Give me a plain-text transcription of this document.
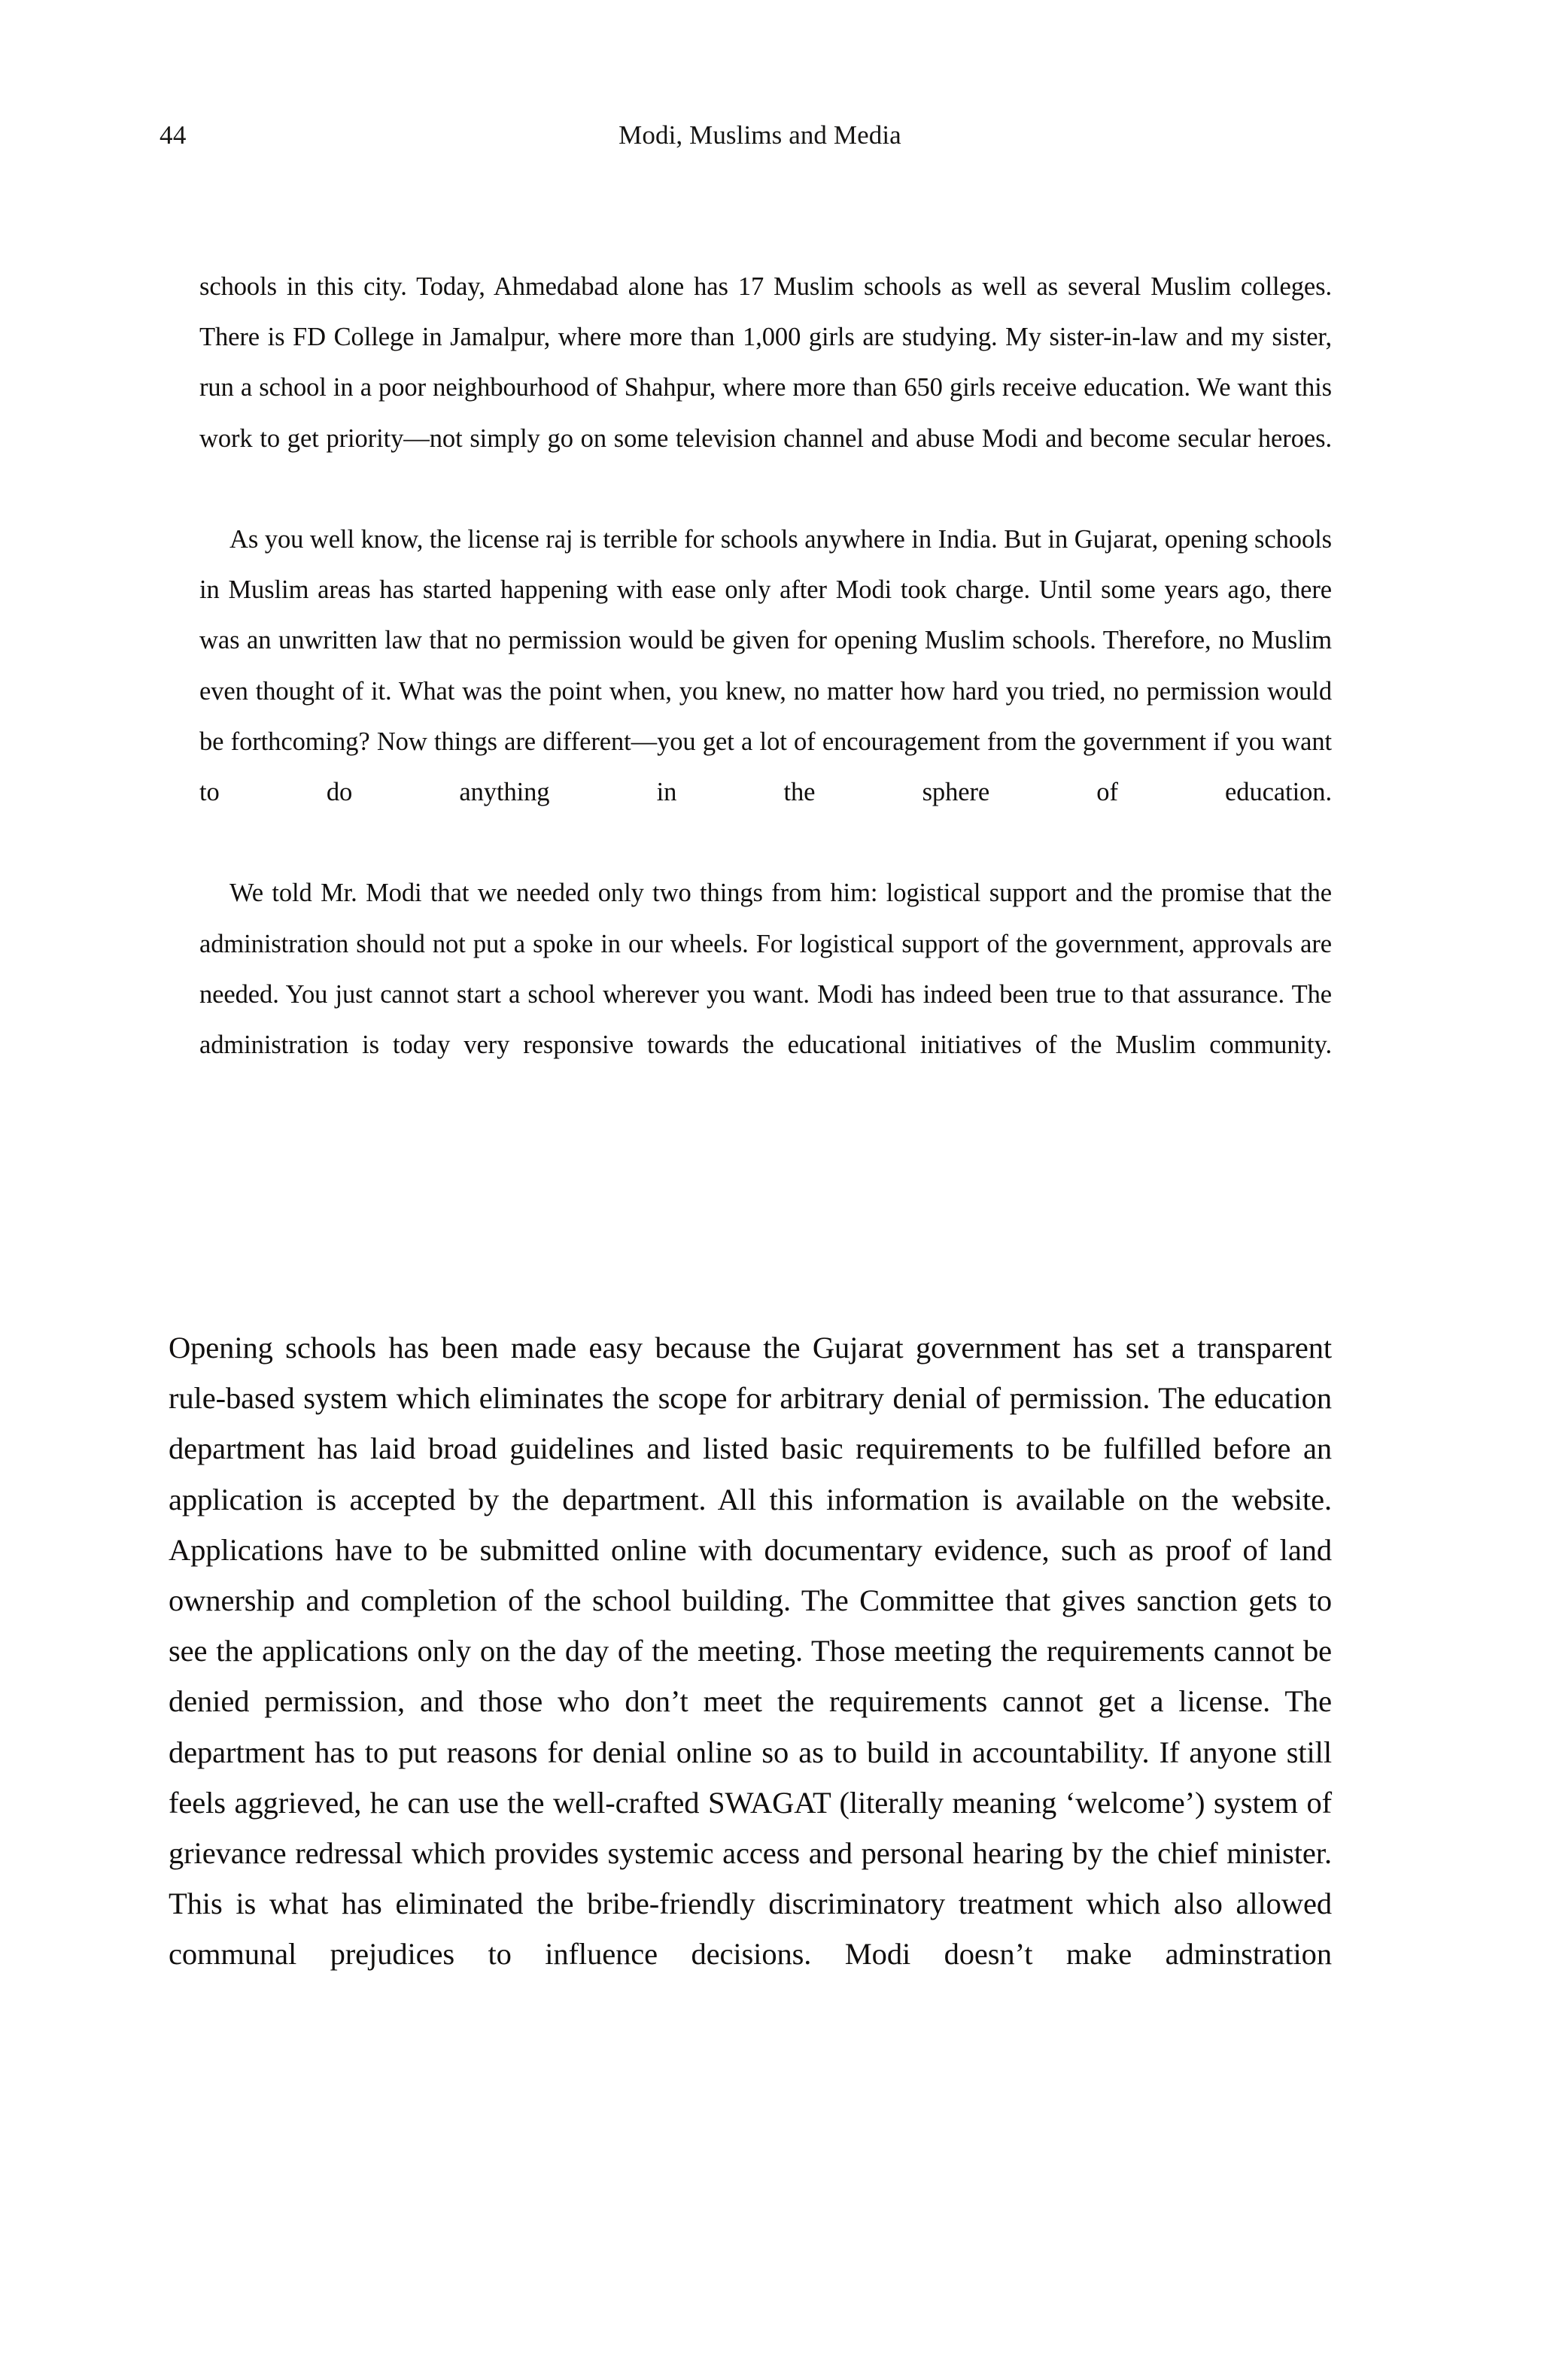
44	Modi, Muslims and Media

schools in this city. Today, Ahmedabad alone has 17 Muslim schools as well as several Muslim colleges. There is FD College in Jamalpur, where more than 1,000 girls are studying. My sister-in-law and my sister, run a school in a poor neighbourhood of Shahpur, where more than 650 girls receive education. We want this work to get priority—not simply go on some television channel and abuse Modi and become secular heroes.

As you well know, the license raj is terrible for schools anywhere in India. But in Gujarat, opening schools in Muslim areas has started happening with ease only after Modi took charge. Until some years ago, there was an unwritten law that no permission would be given for opening Muslim schools. Therefore, no Muslim even thought of it. What was the point when, you knew, no matter how hard you tried, no permission would be forthcoming? Now things are different—you get a lot of encouragement from the government if you want to do anything in the sphere of education.

We told Mr. Modi that we needed only two things from him: logistical support and the promise that the administration should not put a spoke in our wheels. For logistical support of the government, approvals are needed. You just cannot start a school wherever you want. Modi has indeed been true to that assurance. The administration is today very responsive towards the educational initiatives of the Muslim community.

Opening schools has been made easy because the Gujarat government has set a transparent rule-based system which eliminates the scope for arbitrary denial of permission. The education department has laid broad guidelines and listed basic requirements to be fulfilled before an application is accepted by the department. All this information is available on the website. Applications have to be submitted online with documentary evidence, such as proof of land ownership and completion of the school building. The Committee that gives sanction gets to see the applications only on the day of the meeting. Those meeting the requirements cannot be denied permission, and those who don’t meet the requirements cannot get a license. The department has to put reasons for denial online so as to build in accountability. If anyone still feels aggrieved, he can use the well-crafted SWAGAT (literally meaning ‘welcome’) system of grievance redressal which provides systemic access and personal hearing by the chief minister. This is what has eliminated the bribe-friendly discriminatory treatment which also allowed communal prejudices to influence decisions. Modi doesn’t make adminstration
